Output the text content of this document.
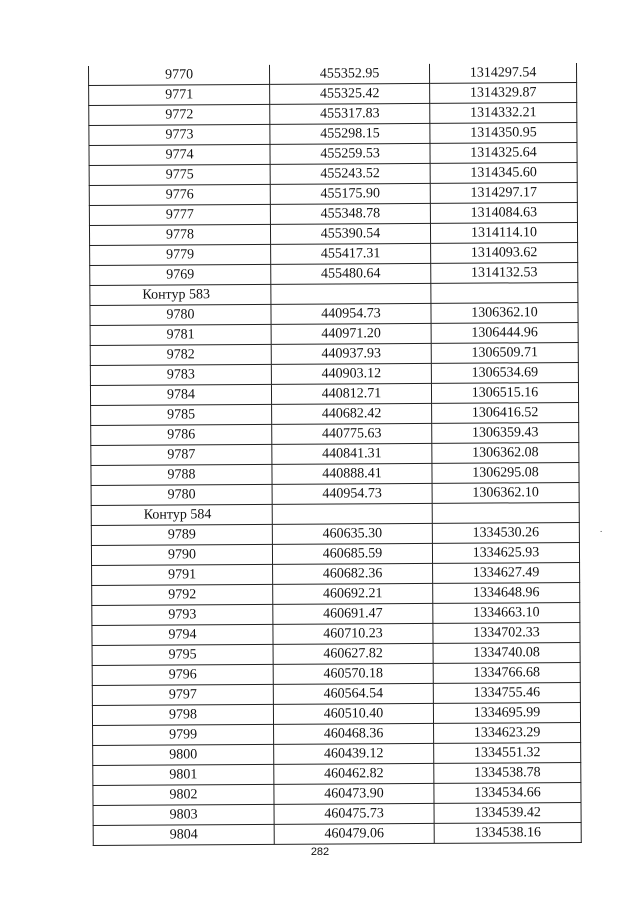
9770	455352.95	1314297.54
9771	455325.42	1314329.87
9772	455317.83	1314332.21
9773	455298.15	1314350.95
9774	455259.53	1314325.64
9775	455243.52	1314345.60
9776	455175.90	1314297.17
9777	455348.78	1314084.63
9778	455390.54	1314114.10
9779	455417.31	1314093.62
9769	455480.64	1314132.53
Контур 583		
9780	440954.73	1306362.10
9781	440971.20	1306444.96
9782	440937.93	1306509.71
9783	440903.12	1306534.69
9784	440812.71	1306515.16
9785	440682.42	1306416.52
9786	440775.63	1306359.43
9787	440841.31	1306362.08
9788	440888.41	1306295.08
9780	440954.73	1306362.10
Контур 584		
9789	460635.30	1334530.26
9790	460685.59	1334625.93
9791	460682.36	1334627.49
9792	460692.21	1334648.96
9793	460691.47	1334663.10
9794	460710.23	1334702.33
9795	460627.82	1334740.08
9796	460570.18	1334766.68
9797	460564.54	1334755.46
9798	460510.40	1334695.99
9799	460468.36	1334623.29
9800	460439.12	1334551.32
9801	460462.82	1334538.78
9802	460473.90	1334534.66
9803	460475.73	1334539.42
9804	460479.06	1334538.16
282
.
